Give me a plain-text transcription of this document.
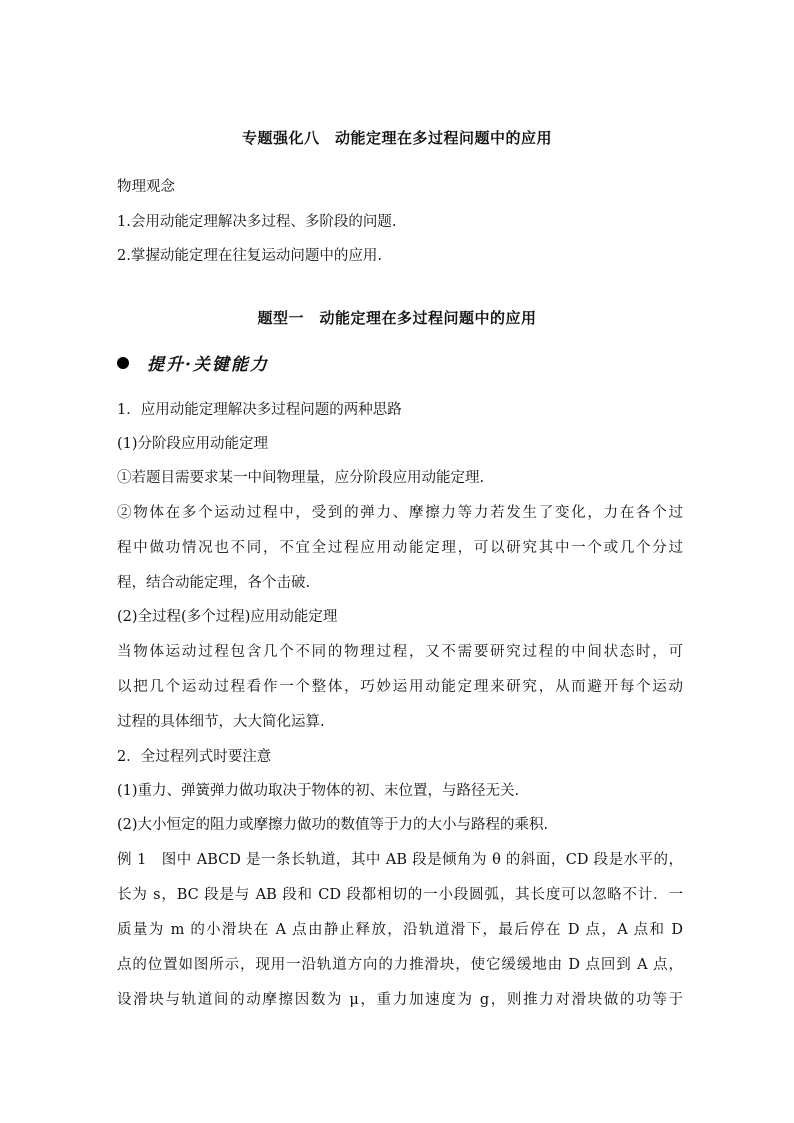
专题强化八　动能定理在多过程问题中的应用
物理观念
1.会用动能定理解决多过程、多阶段的问题.
2.掌握动能定理在往复运动问题中的应用.
题型一　动能定理在多过程问题中的应用
提升·关键能力
1．应用动能定理解决多过程问题的两种思路
(1)分阶段应用动能定理
①若题目需要求某一中间物理量，应分阶段应用动能定理.
②物体在多个运动过程中，受到的弹力、摩擦力等力若发生了变化，力在各个过
程中做功情况也不同，不宜全过程应用动能定理，可以研究其中一个或几个分过
程，结合动能定理，各个击破.
(2)全过程(多个过程)应用动能定理
当物体运动过程包含几个不同的物理过程，又不需要研究过程的中间状态时，可
以把几个运动过程看作一个整体，巧妙运用动能定理来研究，从而避开每个运动
过程的具体细节，大大简化运算.
2．全过程列式时要注意
(1)重力、弹簧弹力做功取决于物体的初、末位置，与路径无关.
(2)大小恒定的阻力或摩擦力做功的数值等于力的大小与路程的乘积.
例 1　图中 ABCD 是一条长轨道，其中 AB 段是倾角为 θ 的斜面，CD 段是水平的，
长为 s，BC 段是与 AB 段和 CD 段都相切的一小段圆弧，其长度可以忽略不计．一
质量为 m 的小滑块在 A 点由静止释放，沿轨道滑下，最后停在 D 点，A 点和 D
点的位置如图所示，现用一沿轨道方向的力推滑块，使它缓缓地由 D 点回到 A 点，
设滑块与轨道间的动摩擦因数为 μ，重力加速度为 g，则推力对滑块做的功等于
